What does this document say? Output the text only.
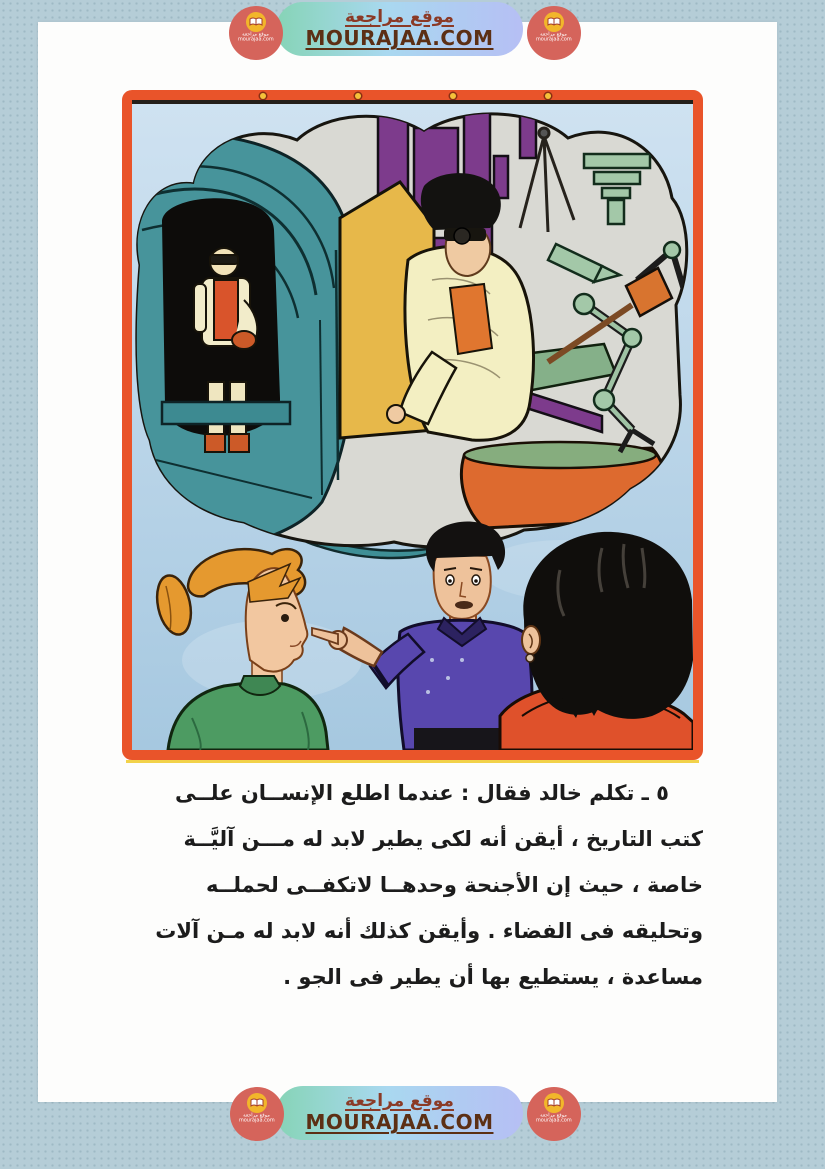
موقع مراجعة
MOURAJAA.COM
موقع مراجعة
mourajaa.com
موقع مراجعة
mourajaa.com
٥ ـ تكلم خالد فقال : عندما اطلع الإنســان علــى
كتب التاريخ ، أيقن أنه لكى يطير لابد له مـــن آليَّــة
خاصة ، حيث إن الأجنحة وحدهــا لاتكفــى لحملــه
وتحليقه فى الفضاء . وأيقن كذلك أنه لابد له مـن آلات
مساعدة ، يستطيع بها أن يطير فى الجو .
موقع مراجعة
MOURAJAA.COM
موقع مراجعة
mourajaa.com
موقع مراجعة
mourajaa.com
